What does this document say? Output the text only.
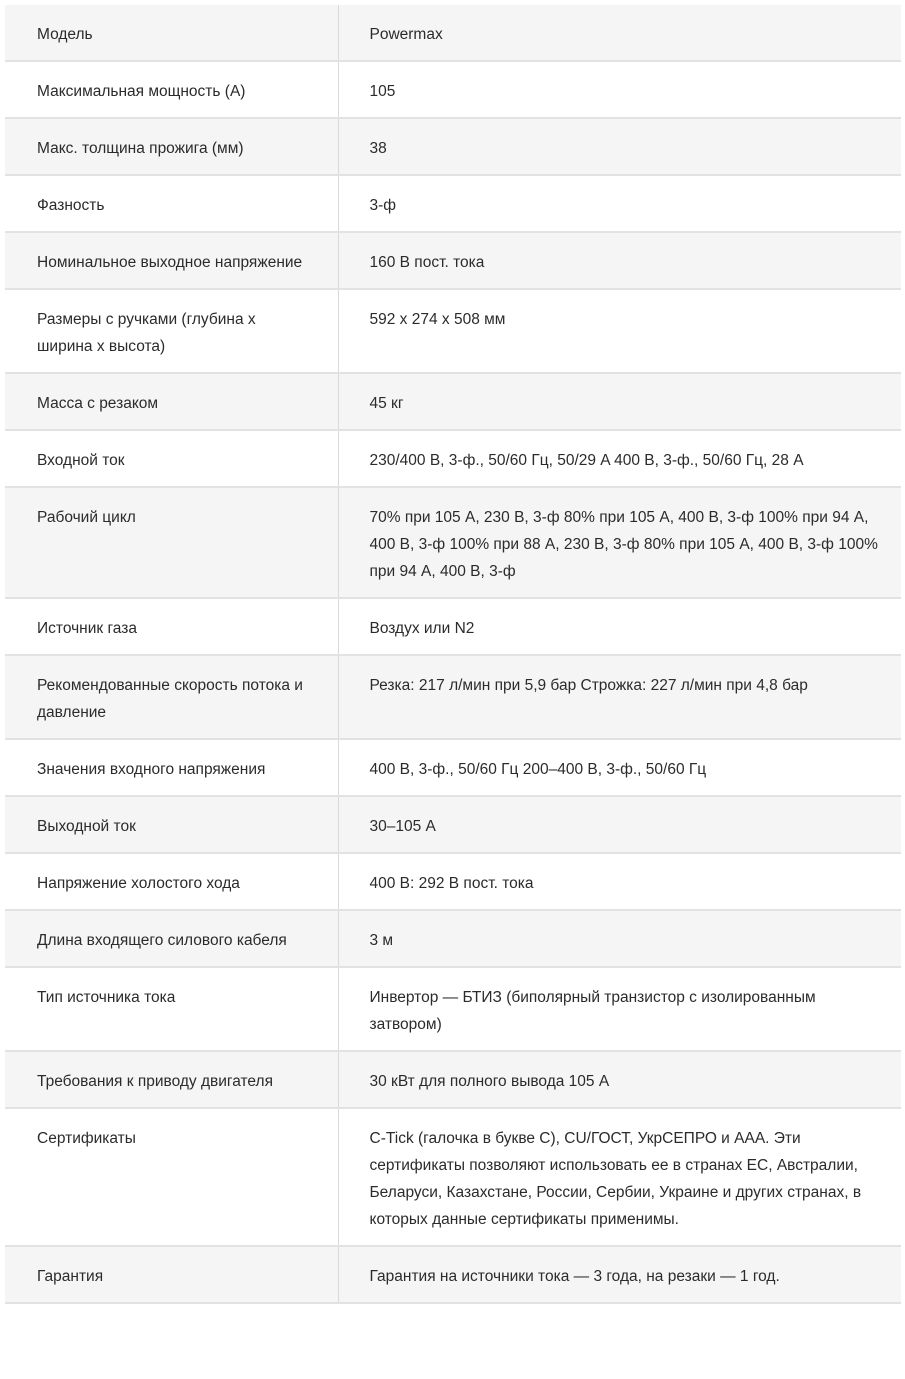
Модель	Powermax
Максимальная мощность (А)	105
Макс. толщина прожига (мм)	38
Фазность	3-ф
Номинальное выходное напряжение	160 В пост. тока
Размеры с ручками (глубина x ширина x высота)	592 x 274 x 508 мм
Масса с резаком	45 кг
Входной ток	230/400 В, 3-ф., 50/60 Гц, 50/29 A 400 В, 3-ф., 50/60 Гц, 28 A
Рабочий цикл	70% при 105 A, 230 В, 3-ф 80% при 105 A, 400 В, 3-ф 100% при 94 A, 400 В, 3-ф 100% при 88 A, 230 В, 3-ф 80% при 105 A, 400 В, 3-ф 100% при 94 A, 400 В, 3-ф
Источник газа	Воздух или N2
Рекомендованные скорость потока и давление	Резка: 217 л/мин при 5,9 бар Строжка: 227 л/мин при 4,8 бар
Значения входного напряжения	400 В, 3-ф., 50/60 Гц 200–400 В, 3-ф., 50/60 Гц
Выходной ток	30–105 А
Напряжение холостого хода	400 В: 292 В пост. тока
Длина входящего силового кабеля	3 м
Тип источника тока	Инвертор — БТИЗ (биполярный транзистор с изолированным затвором)
Требования к приводу двигателя	30 кВт для полного вывода 105 А
Сертификаты	C-Tick (галочка в букве С), CU/ГОСТ, УкрСЕПРО и AAA. Эти сертификаты позволяют использовать ее в странах ЕС, Австралии, Беларуси, Казахстане, России, Сербии, Украине и других странах, в которых данные сертификаты применимы.
Гарантия	Гарантия на источники тока — 3 года, на резаки — 1 год.
